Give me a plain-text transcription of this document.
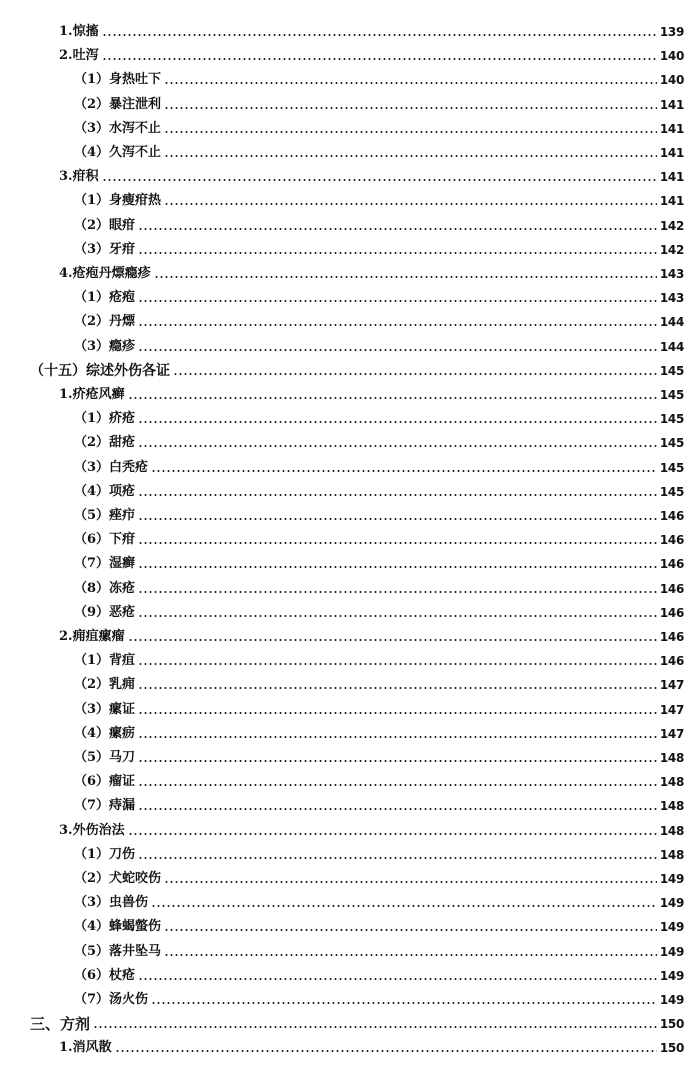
1.惊搐	139
2.吐泻	140
（1）身热吐下	140
（2）暴注泄利	141
（3）水泻不止	141
（4）久泻不止	141
3.疳积	141
（1）身瘦疳热	141
（2）眼疳	142
（3）牙疳	142
4.疮疱丹熛瘾疹	143
（1）疮疱	143
（2）丹熛	144
（3）瘾疹	144
（十五）综述外伤各证	145
1.疥疮风癣	145
（1）疥疮	145
（2）甜疮	145
（3）白秃疮	145
（4）项疮	145
（5）痤疖	146
（6）下疳	146
（7）湿癣	146
（8）冻疮	146
（9）恶疮	146
2.痈疽瘰瘤	146
（1）背疽	146
（2）乳痈	147
（3）瘰证	147
（4）瘰疬	147
（5）马刀	148
（6）瘤证	148
（7）痔漏	148
3.外伤治法	148
（1）刀伤	148
（2）犬蛇咬伤	149
（3）虫兽伤	149
（4）蜂蝎螫伤	149
（5）落井坠马	149
（6）杖疮	149
（7）汤火伤	149
三、方剂	150
1.消风散	150
